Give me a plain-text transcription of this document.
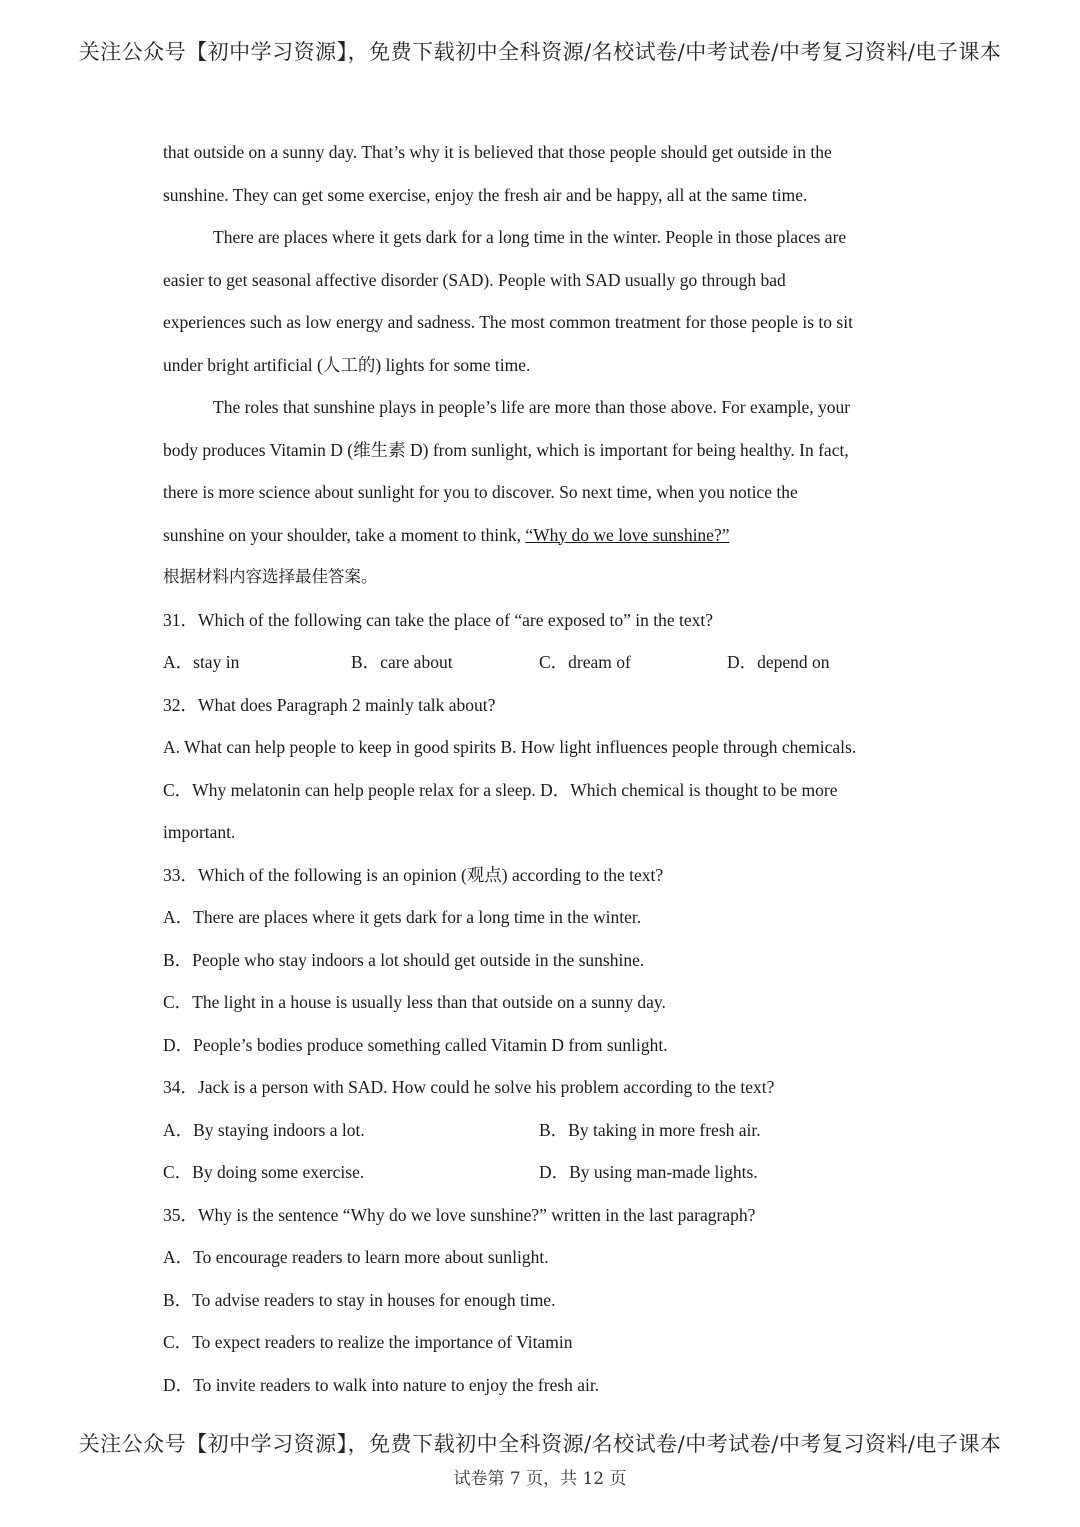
关注公众号【初中学习资源】，免费下载初中全科资源/名校试卷/中考试卷/中考复习资料/电子课本
that outside on a sunny day. That’s why it is believed that those people should get outside in the
sunshine. They can get some exercise, enjoy the fresh air and be happy, all at the same time.
There are places where it gets dark for a long time in the winter. People in those places are
easier to get seasonal affective disorder (SAD). People with SAD usually go through bad
experiences such as low energy and sadness. The most common treatment for those people is to sit
under bright artificial (人工的) lights for some time.
The roles that sunshine plays in people’s life are more than those above. For example, your
body produces Vitamin D (维生素 D) from sunlight, which is important for being healthy. In fact,
there is more science about sunlight for you to discover. So next time, when you notice the
sunshine on your shoulder, take a moment to think, “Why do we love sunshine?”
根据材料内容选择最佳答案。
31．Which of the following can take the place of “are exposed to” in the text?
A．stay in	B．care about	C．dream of	D．depend on
32．What does Paragraph 2 mainly talk about?
A. What can help people to keep in good spirits B. How light influences people through chemicals.
C．Why melatonin can help people relax for a sleep. D．Which chemical is thought to be more
important.
33．Which of the following is an opinion (观点) according to the text?
A．There are places where it gets dark for a long time in the winter.
B．People who stay indoors a lot should get outside in the sunshine.
C．The light in a house is usually less than that outside on a sunny day.
D．People’s bodies produce something called Vitamin D from sunlight.
34．Jack is a person with SAD. How could he solve his problem according to the text?
A．By staying indoors a lot.	B．By taking in more fresh air.
C．By doing some exercise.	D．By using man-made lights.
35．Why is the sentence “Why do we love sunshine?” written in the last paragraph?
A．To encourage readers to learn more about sunlight.
B．To advise readers to stay in houses for enough time.
C．To expect readers to realize the importance of Vitamin
D．To invite readers to walk into nature to enjoy the fresh air.
关注公众号【初中学习资源】，免费下载初中全科资源/名校试卷/中考试卷/中考复习资料/电子课本
试卷第 7 页，共 12 页
